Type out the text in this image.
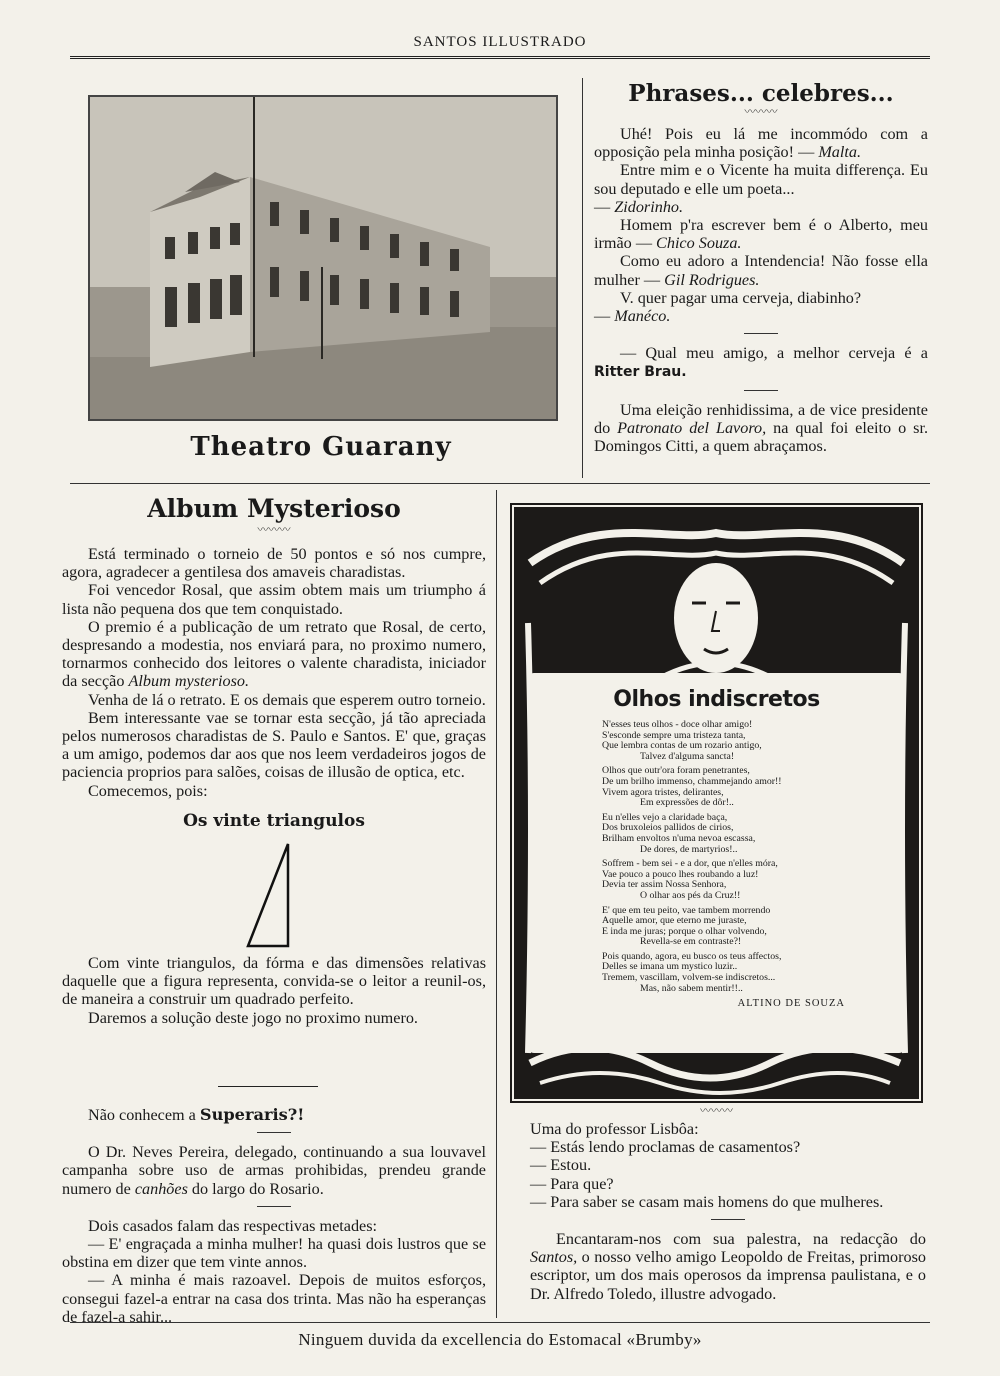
SANTOS ILLUSTRADO
Theatro Guarany
Phrases... celebres...
〰〰〰

Uhé! Pois eu lá me incommódo com a opposição pela minha posição! — Malta.

Entre mim e o Vicente ha muita differença. Eu sou deputado e elle um poeta...
— Zidorinho.

Homem p'ra escrever bem é o Alberto, meu irmão — Chico Souza.

Como eu adoro a Intendencia! Não fosse ella mulher — Gil Rodrigues.

V. quer pagar uma cerveja, diabinho?
— Manéco.

— Qual meu amigo, a melhor cerveja é a Ritter Brau.

Uma eleição renhidissima, a de vice presidente do Patronato del Lavoro, na qual foi eleito o sr. Domingos Citti, a quem abraçamos.

Album Mysterioso
〰〰〰

Está terminado o torneio de 50 pontos e só nos cumpre, agora, agradecer a gentilesa dos amaveis charadistas.

Foi vencedor Rosal, que assim obtem mais um triumpho á lista não pequena dos que tem conquistado.

O premio é a publicação de um retrato que Rosal, de certo, despresando a modestia, nos enviará para, no proximo numero, tornarmos conhecido dos leitores o valente charadista, iniciador da secção Album mysterioso.

Venha de lá o retrato. E os demais que esperem outro torneio.

Bem interessante vae se tornar esta secção, já tão apreciada pelos numerosos charadistas de S. Paulo e Santos. E' que, graças a um amigo, podemos dar aos que nos leem verdadeiros jogos de paciencia proprios para salões, coisas de illusão de optica, etc.

Comecemos, pois:

Os vinte triangulos

Com vinte triangulos, da fórma e das dimensões relativas daquelle que a figura representa, convida-se o leitor a reunil-os, de maneira a construir um quadrado perfeito.

Daremos a solução deste jogo no proximo numero.

Não conhecem a Superaris?!

O Dr. Neves Pereira, delegado, continuando a sua louvavel campanha sobre uso de armas prohibidas, prendeu grande numero de canhões do largo do Rosario.

Dois casados falam das respectivas metades:

— E' engraçada a minha mulher! ha quasi dois lustros que se obstina em dizer que tem vinte annos.

— A minha é mais razoavel. Depois de muitos esforços, consegui fazel-a entrar na casa dos trinta. Mas não ha esperanças de fazel-a sahir...

Olhos indiscretos
N'esses teus olhos - doce olhar amigo!
S'esconde sempre uma tristeza tanta,
Que lembra contas de um rozario antigo,
Talvez d'alguma sancta!
Olhos que outr'ora foram penetrantes,
De um brilho immenso, chammejando amor!!
Vivem agora tristes, delirantes,
Em expressões de dôr!..
Eu n'elles vejo a claridade baça,
Dos bruxoleios pallidos de cirios,
Brilham envoltos n'uma nevoa escassa,
De dores, de martyrios!..
Soffrem - bem sei - e a dor, que n'elles móra,
Vae pouco a pouco lhes roubando a luz!
Devia ter assim Nossa Senhora,
O olhar aos pés da Cruz!!
E' que em teu peito, vae tambem morrendo
Aquelle amor, que eterno me juraste,
E inda me juras; porque o olhar volvendo,
Revella-se em contraste?!
Pois quando, agora, eu busco os teus affectos,
Delles se imana um mystico luzir..
Tremem, vascillam, volvem-se indiscretos...
Mas, não sabem mentir!!..
ALTINO DE SOUZA
〰〰〰

Uma do professor Lisbôa:

— Estás lendo proclamas de casamentos?

— Estou.

— Para que?

— Para saber se casam mais homens do que mulheres.

Encantaram-nos com sua palestra, na redacção do Santos, o nosso velho amigo Leopoldo de Freitas, primoroso escriptor, um dos mais operosos da imprensa paulistana, e o Dr. Alfredo Toledo, illustre advogado.

Ninguem duvida da excellencia do Estomacal «Brumby»
